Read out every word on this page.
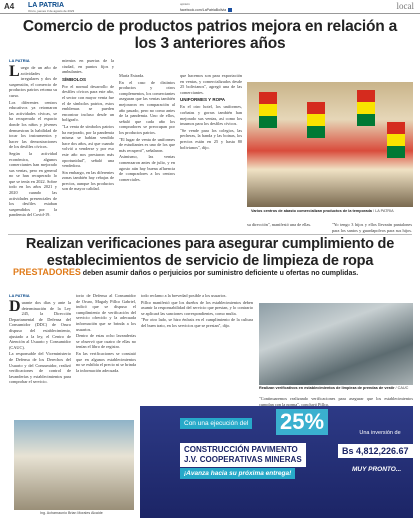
A4 LA PATRIA
Oruro, jueves 3 de agosto de 2023
opinión
facebook.com/LaPatriaBolivia	local
Comercio de productos patrios mejora en relación a los 3 anteriores años
LA PATRIA
L uego de un año de actividades irregulares y dos de suspensión, el comercio de productos patrios retoma su curso.

Los diferentes centros educativos ya retomaron las actividades cívicas, se ha recuperado el espacio donde los niños y jóvenes demuestran la habilidad de tocar los instrumentos y hacer las demostraciones de los desfiles cívicos.

Según la actividad económica, algunos comerciantes han mejorado sus ventas, pero en general no se han recuperado lo que se tenía en 2022. Sobre todo en los años 2021 y 2020 cuando las actividades presenciales de los desfiles estaban suspendidos por la pandemia del Covid-19.

mientos en puertas de la ciudad, en puntos fijos y ambulantes.

SÍMBOLOS

Por el normal desarrollo de desfiles cívicos para este año, el sector con mayor venta fue el de símbolos patrios, estos emblemas se pueden encontrar incluso desde un bolígrafo.

"La venta de símbolos patrios ha mejorado, por la pandemia misma se habían vendido hace dos años, así que cuando volvió a venderse y por eso este año nos prestaron más oportunidad", señaló una vendedora.

Sin embargo, en las diferentes zonas también hay rebajas de precios, aunque los productos son de mayor calidad.

María Estrada.

En el caso de distintos productos y otros complementos, los comerciantes aseguran que las ventas también mejoraron en comparación al año pasado, pero no como antes de la pandemia. Uno de ellos, señaló que cada año los compradores se preocupan por los productos patrios.

"El lugar de venta de uniformes de estudiantes es uno de los que más recuperó", señalaron.

Asimismo, las ventas comenzaron antes de julio, y en agosto aún hay buena afluencia de compradores a los centros comerciales.

que hacemos son para exportación en ventas, y comercializados desde 25 bolivianos", agregó una de las comerciantes.

UNIFORMES Y ROPA

En el otro hotel, los uniformes, corbatas y gorras también han mejorado sus ventas, así como los insumos para los desfiles cívicos.

"Se vende para los colegios, las pecheras, la banda y las boinas, los precios están en 25 y hasta 80 bolivianos", dijo.

Varios centros de abasto comercializan productos de la temporada / LA PATRIA

su dirección", manifestó una de ellas.	"Yo tengo 3 hijos y ellos llevarán pantalones para los santos y guardapolvos para sus hijos.

Realizan verificaciones para asegurar cumplimiento de establecimientos de servicio de limpieza de ropa
PRESTADORES deben asumir daños o perjuicios por suministro deficiente u ofertas no cumplidas.
LA PATRIA
D urante dos días y ante la determinación de la Ley 245, la Dirección Departamental de Defensa del Consumidor (DDC) de Oruro dispuso del establecimiento, ajustado a la ley, el Centro de Atención al Usuario y Consumidor (CAUC).

La responsable del Viceministerio de Defensa de los Derechos del Usuario y del Consumidor, realizó verificaciones de control de lavanderías y establecimientos para comprobar el servicio.

torio de Defensa al Consumidor de Oruro, Magaly Pillco Gabriel, indicó que se dispuso el cumplimiento de verificación del servicio ofrecido y la adecuada información que se brinda a los usuarios.

Dentro de estas ocho lavanderías se observó que cuatro de ellas no tenían el libro de registro.

En las verificaciones se constató que en algunos establecimientos no se exhibía el precio ni se brinda la información adecuada.

todo reclamo a la brevedad posible a los usuarios.

Pillco manifestó que los dueños de los establecimientos deben asumir la responsabilidad del servicio que prestan, y lo contrario se aplicará las sanciones correspondientes, como multa.

"Por otro lado, se hizo énfasis en el cumplimiento de la cultura del buen trato, en los servicios que se prestan", dijo.

Realizan verificativos en establecimientos de limpieza de prendas de vestir / CAUC

"Continuaremos realizando verificaciones para asegurar que los establecimientos cumplan con la norma", concluyó Pillco.

Ing. Acharnaunio Brian Morales Alcaide
Con una ejecución del 25%
CONSTRUCCIÓN PAVIMENTO
J.V. COOPERATIVAS MINERAS
¡Avanza hacia su próxima entrega!
Una inversión de
Bs 4,812,226.67
MUY PRONTO...
